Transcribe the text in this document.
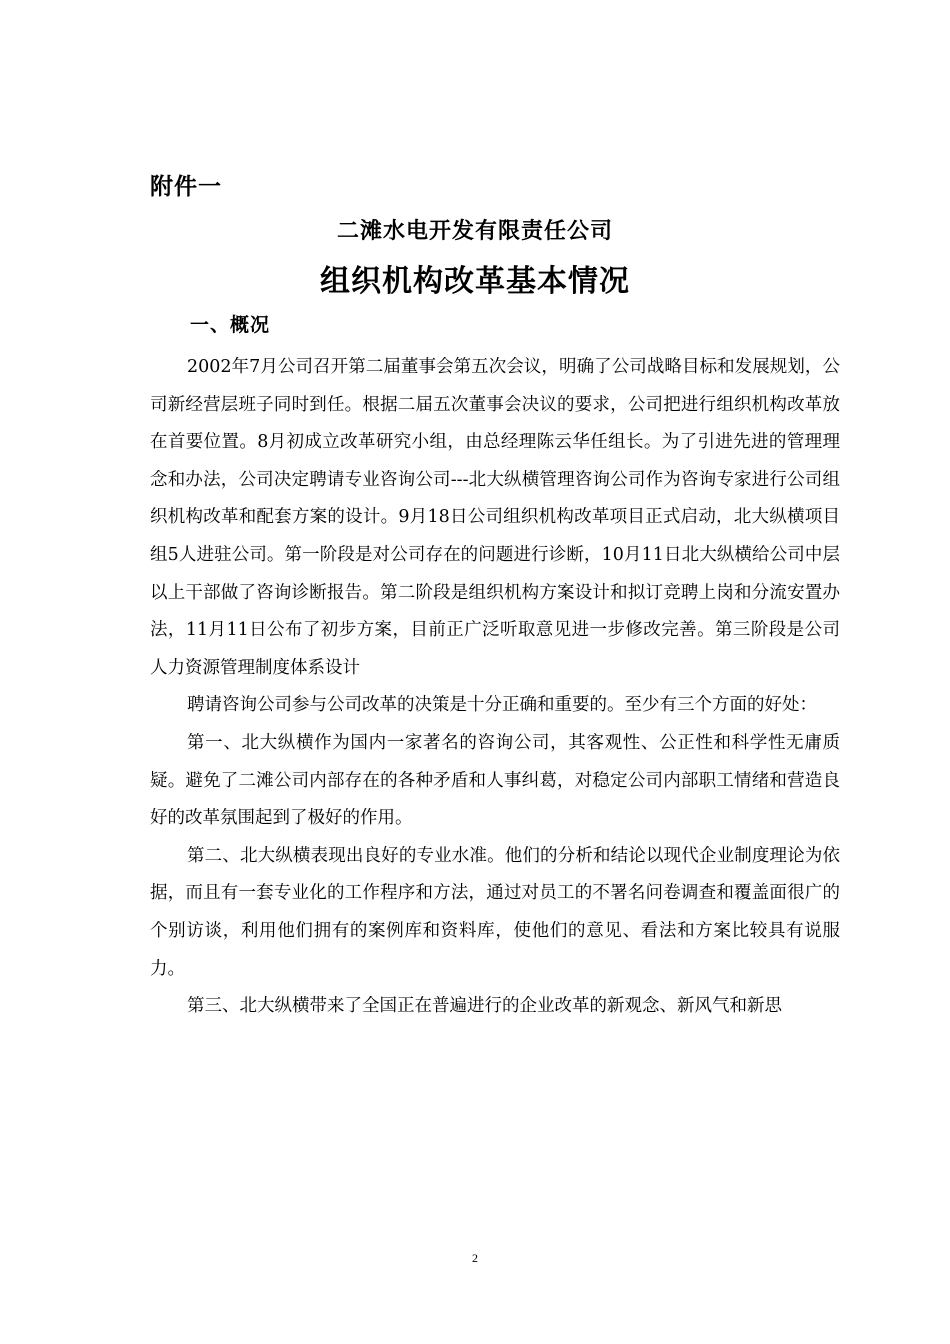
附件一
二滩水电开发有限责任公司
组织机构改革基本情况
一、概况

2002年7月公司召开第二届董事会第五次会议，明确了公司战略目标和发展规划，公司新经营层班子同时到任。根据二届五次董事会决议的要求，公司把进行组织机构改革放在首要位置。8月初成立改革研究小组，由总经理陈云华任组长。为了引进先进的管理理念和办法，公司决定聘请专业咨询公司---北大纵横管理咨询公司作为咨询专家进行公司组织机构改革和配套方案的设计。9月18日公司组织机构改革项目正式启动，北大纵横项目组5人进驻公司。第一阶段是对公司存在的问题进行诊断，10月11日北大纵横给公司中层以上干部做了咨询诊断报告。第二阶段是组织机构方案设计和拟订竞聘上岗和分流安置办法，11月11日公布了初步方案，目前正广泛听取意见进一步修改完善。第三阶段是公司人力资源管理制度体系设计

聘请咨询公司参与公司改革的决策是十分正确和重要的。至少有三个方面的好处：

第一、北大纵横作为国内一家著名的咨询公司，其客观性、公正性和科学性无庸质疑。避免了二滩公司内部存在的各种矛盾和人事纠葛，对稳定公司内部职工情绪和营造良好的改革氛围起到了极好的作用。

第二、北大纵横表现出良好的专业水准。他们的分析和结论以现代企业制度理论为依据，而且有一套专业化的工作程序和方法，通过对员工的不署名问卷调查和覆盖面很广的个别访谈，利用他们拥有的案例库和资料库，使他们的意见、看法和方案比较具有说服力。

第三、北大纵横带来了全国正在普遍进行的企业改革的新观念、新风气和新思

2
